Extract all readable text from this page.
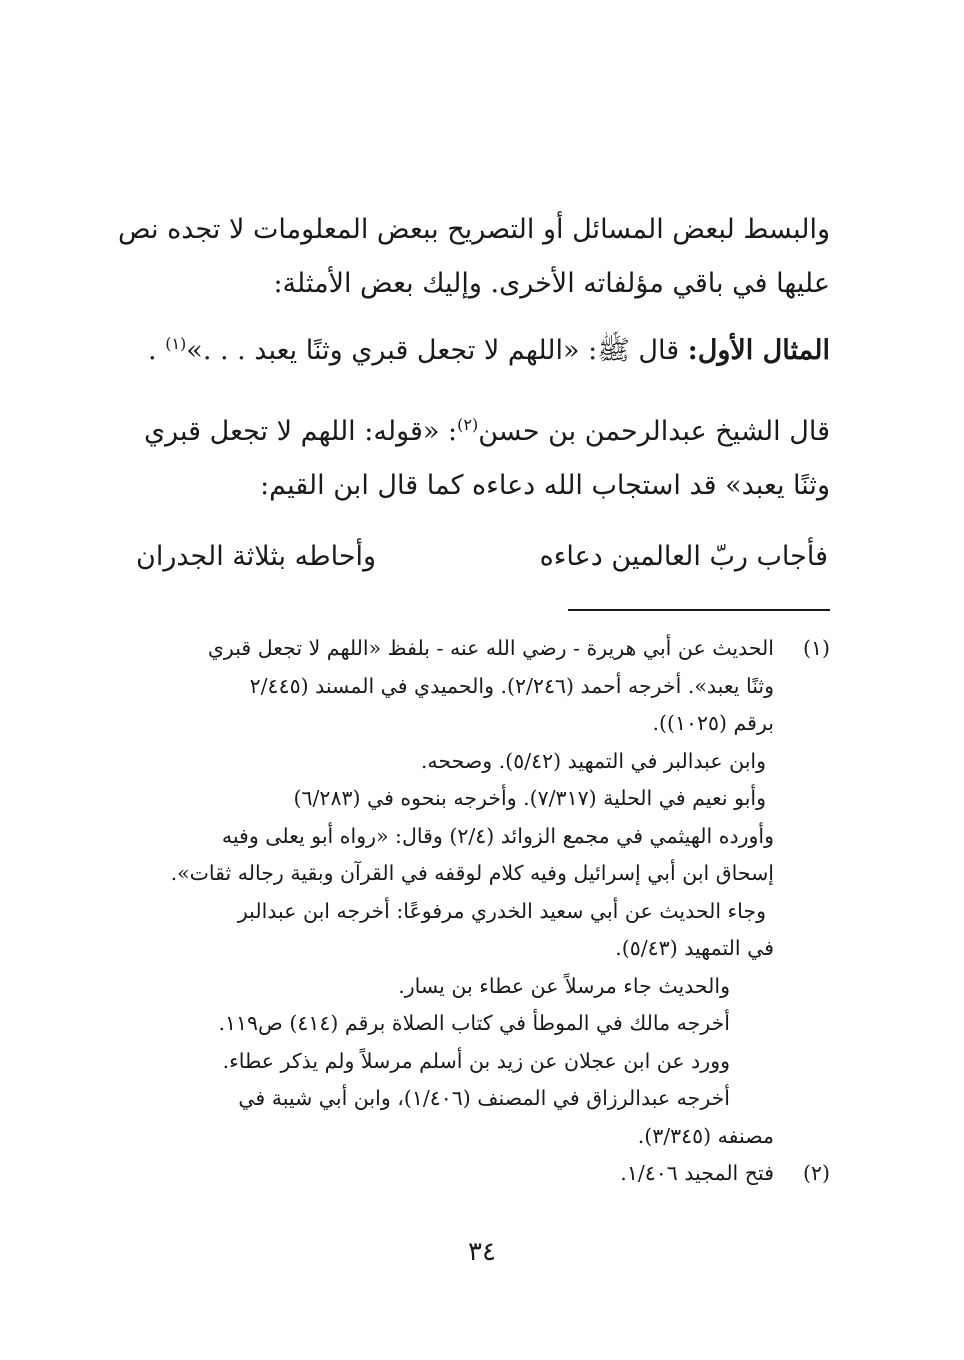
والبسط لبعض المسائل أو التصريح ببعض المعلومات لا تجده نص
عليها في باقي مؤلفاته الأخرى. وإليك بعض الأمثلة:
المثال الأول: قال ﷺ: «اللهم لا تجعل قبري وثنًا يعبد . . .»$^{(١)}$ .
قال الشيخ عبدالرحمن بن حسن$^{(٢)}$: «قوله: اللهم لا تجعل قبري
وثنًا يعبد» قد استجاب الله دعاءه كما قال ابن القيم:
فأجاب ربّ العالمين دعاءه
وأحاطه بثلاثة الجدران
(١)
الحديث عن أبي هريرة - رضي الله عنه - بلفظ «اللهم لا تجعل قبري
وثنًا يعبد». أخرجه أحمد (٢/٢٤٦). والحميدي في المسند (٢/٤٤٥
برقم (١٠٢٥)).
وابن عبدالبر في التمهيد (٥/٤٢). وصححه.
وأبو نعيم في الحلية (٧/٣١٧). وأخرجه بنحوه في (٦/٢٨٣)
وأورده الهيثمي في مجمع الزوائد (٢/٤) وقال: «رواه أبو يعلى وفيه
إسحاق ابن أبي إسرائيل وفيه كلام لوقفه في القرآن وبقية رجاله ثقات».
وجاء الحديث عن أبي سعيد الخدري مرفوعًا: أخرجه ابن عبدالبر
في التمهيد (٥/٤٣).
والحديث جاء مرسلاً عن عطاء بن يسار.
أخرجه مالك في الموطأ في كتاب الصلاة برقم (٤١٤) ص١١٩.
وورد عن ابن عجلان عن زيد بن أسلم مرسلاً ولم يذكر عطاء.
أخرجه عبدالرزاق في المصنف (١/٤٠٦)، وابن أبي شيبة في
مصنفه (٣/٣٤٥).
(٢)
فتح المجيد ١/٤٠٦.
٣٤
